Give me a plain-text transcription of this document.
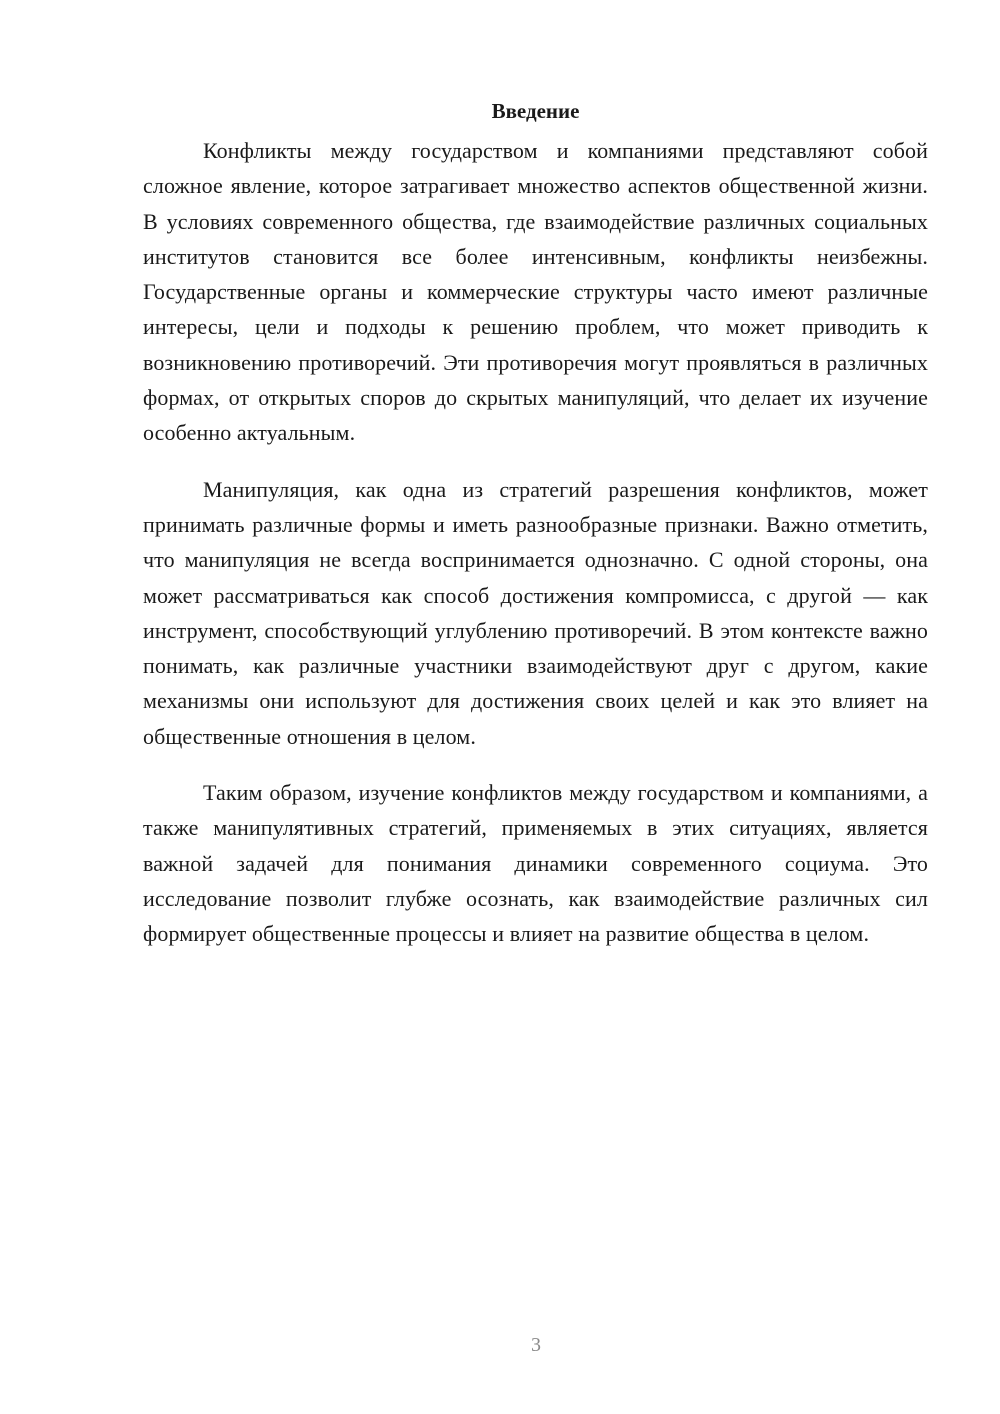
Введение

Конфликты между государством и компаниями представляют собой сложное явление, которое затрагивает множество аспектов общественной жизни. В условиях современного общества, где взаимодействие различных социальных институтов становится все более интенсивным, конфликты неизбежны. Государственные органы и коммерческие структуры часто имеют различные интересы, цели и подходы к решению проблем, что может приводить к возникновению противоречий. Эти противоречия могут проявляться в различных формах, от открытых споров до скрытых манипуляций, что делает их изучение особенно актуальным.

Манипуляция, как одна из стратегий разрешения конфликтов, может принимать различные формы и иметь разнообразные признаки. Важно отметить, что манипуляция не всегда воспринимается однозначно. С одной стороны, она может рассматриваться как способ достижения компромисса, с другой — как инструмент, способствующий углублению противоречий. В этом контексте важно понимать, как различные участники взаимодействуют друг с другом, какие механизмы они используют для достижения своих целей и как это влияет на общественные отношения в целом.

Таким образом, изучение конфликтов между государством и компаниями, а также манипулятивных стратегий, применяемых в этих ситуациях, является важной задачей для понимания динамики современного социума. Это исследование позволит глубже осознать, как взаимодействие различных сил формирует общественные процессы и влияет на развитие общества в целом.

3
